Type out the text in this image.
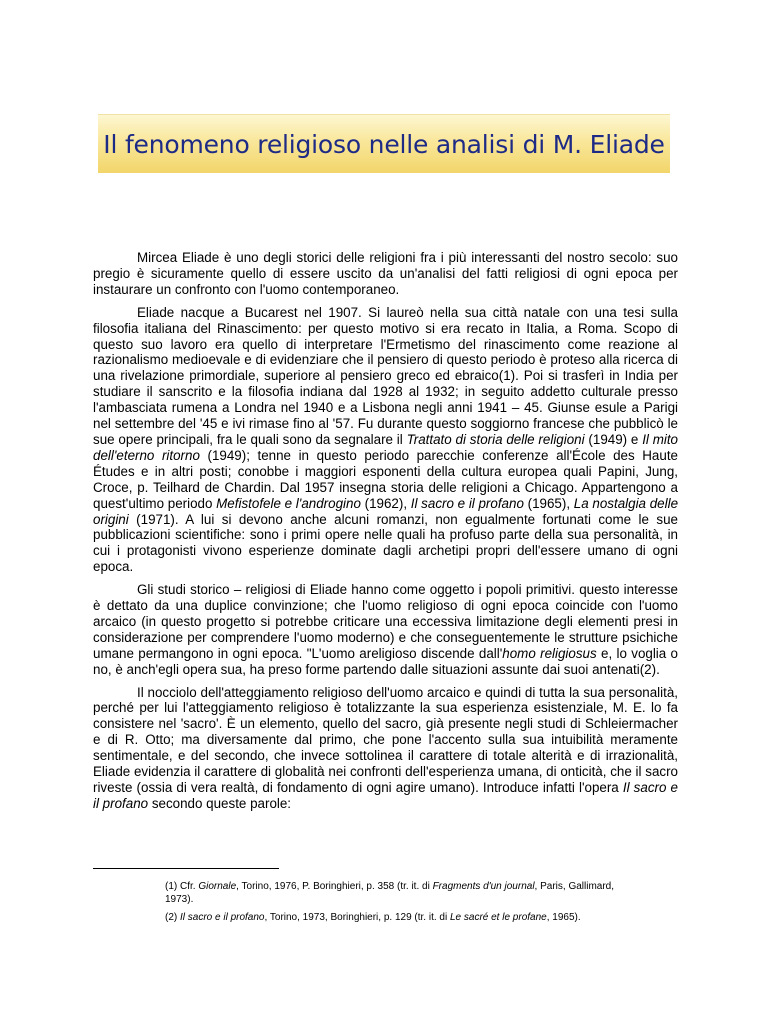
Il fenomeno religioso nelle analisi di M. Eliade

Mircea Eliade è uno degli storici delle religioni fra i più interessanti del nostro secolo: suo pregio è sicuramente quello di essere uscito da un'analisi del fatti religiosi di ogni epoca per instaurare un confronto con l'uomo contemporaneo.

Eliade nacque a Bucarest nel 1907. Si laureò nella sua città natale con una tesi sulla filosofia italiana del Rinascimento: per questo motivo si era recato in Italia, a Roma. Scopo di questo suo lavoro era quello di interpretare l'Ermetismo del rinascimento come reazione al razionalismo medioevale e di evidenziare che il pensiero di questo periodo è proteso alla ricerca di una rivelazione primordiale, superiore al pensiero greco ed ebraico(1). Poi si trasferì in India per studiare il sanscrito e la filosofia indiana dal 1928 al 1932; in seguito addetto culturale presso l'ambasciata rumena a Londra nel 1940 e a Lisbona negli anni 1941 – 45. Giunse esule a Parigi nel settembre del '45 e ivi rimase fino al '57. Fu durante questo soggiorno francese che pubblicò le sue opere principali, fra le quali sono da segnalare il Trattato di storia delle religioni (1949) e Il mito dell'eterno ritorno (1949); tenne in questo periodo parecchie conferenze all'École des Haute Études e in altri posti; conobbe i maggiori esponenti della cultura europea quali Papini, Jung, Croce, p. Teilhard de Chardin. Dal 1957 insegna storia delle religioni a Chicago. Appartengono a quest'ultimo periodo Mefistofele e l'androgino (1962), Il sacro e il profano (1965), La nostalgia delle origini (1971). A lui si devono anche alcuni romanzi, non egualmente fortunati come le sue pubblicazioni scientifiche: sono i primi opere nelle quali ha profuso parte della sua personalità, in cui i protagonisti vivono esperienze dominate dagli archetipi propri dell'essere umano di ogni epoca.

Gli studi storico – religiosi di Eliade hanno come oggetto i popoli primitivi. questo interesse è dettato da una duplice convinzione; che l'uomo religioso di ogni epoca coincide con l'uomo arcaico (in questo progetto si potrebbe criticare una eccessiva limitazione degli elementi presi in considerazione per comprendere l'uomo moderno) e che conseguentemente le strutture psichiche umane permangono in ogni epoca. "L'uomo areligioso discende dall'homo religiosus e, lo voglia o no, è anch'egli opera sua, ha preso forme partendo dalle situazioni assunte dai suoi antenati(2).

Il nocciolo dell'atteggiamento religioso dell'uomo arcaico e quindi di tutta la sua personalità, perché per lui l'atteggiamento religioso è totalizzante la sua esperienza esistenziale, M. E. lo fa consistere nel 'sacro'. È un elemento, quello del sacro, già presente negli studi di Schleiermacher e di R. Otto; ma diversamente dal primo, che pone l'accento sulla sua intuibilità meramente sentimentale, e del secondo, che invece sottolinea il carattere di totale alterità e di irrazionalità, Eliade evidenzia il carattere di globalità nei confronti dell'esperienza umana, di onticità, che il sacro riveste (ossia di vera realtà, di fondamento di ogni agire umano). Introduce infatti l'opera Il sacro e il profano secondo queste parole:

(1) Cfr. Giornale, Torino, 1976, P. Boringhieri, p. 358 (tr. it. di Fragments d'un journal, Paris, Gallimard, 1973).

(2) Il sacro e il profano, Torino, 1973, Boringhieri, p. 129 (tr. it. di Le sacré et le profane, 1965).
